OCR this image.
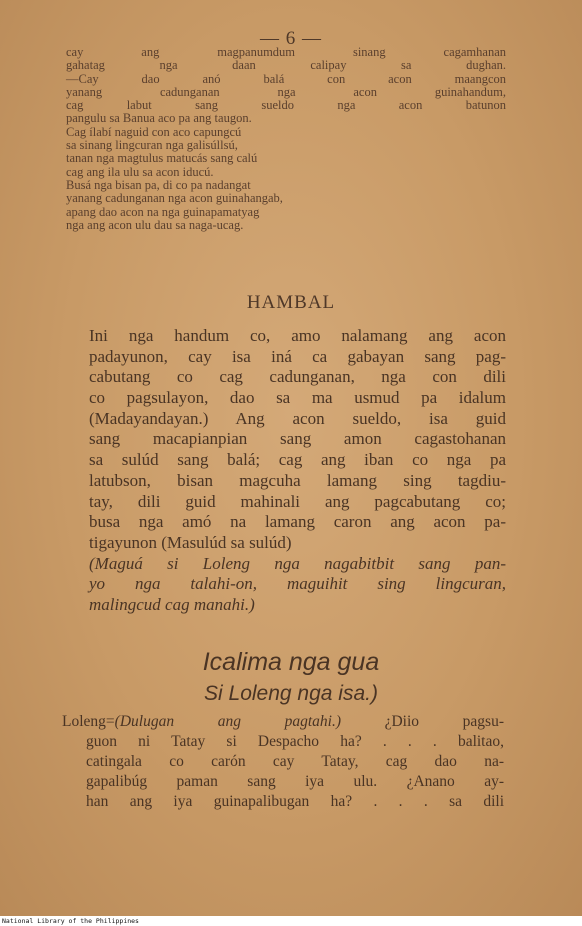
— 6 —
cay ang magpanumdum sinang cagamhanan
gahatag nga daan calipay sa dughan.
—Cay dao anó balá con acon maangcon
yanang cadunganan nga acon guinahandum,
cag labut sang sueldo nga acon batunon
pangulu sa Banua aco pa ang taugon.
Cag ílabí naguid con aco capungcú
sa sinang lingcuran nga galisúllsú,
tanan nga magtulus matucás sang calú
cag ang ila ulu sa acon iducú.
Busá nga bisan pa, di co pa nadangat
yanang cadunganan nga acon guinahangab,
apang dao acon na nga guinapamatyag
nga ang acon ulu dau sa naga-ucag.
HAMBAL
Ini nga handum co, amo nalamang ang acon
padayunon, cay isa iná ca gabayan sang pag-
cabutang co cag cadunganan, nga con dili
co pagsulayon, dao sa ma usmud pa idalum
(Madayandayan.) Ang acon sueldo, isa guid
sang macapianpian sang amon cagastohanan
sa sulúd sang balá; cag ang iban co nga pa
latubson, bisan magcuha lamang sing tagdiu-
tay, dili guid mahinali ang pagcabutang co;
busa nga amó na lamang caron ang acon pa-
tigayunon (Masulúd sa sulúd)
(Maguá si Loleng nga nagabitbit sang pan-
yo nga talahi-on, maguihit sing lingcuran,
malingcud cag manahi.)
Icalima nga gua
Si Loleng nga isa.)
Loleng=(Dulugan ang pagtahi.) ¿Diio pagsu-
guon ni Tatay si Despacho ha? . . . balitao,
catingala co carón cay Tatay, cag dao na-
gapalibúg paman sang iya ulu. ¿Anano ay-
han ang iya guinapalibugan ha? . . . sa dili
National Library of the Philippines
